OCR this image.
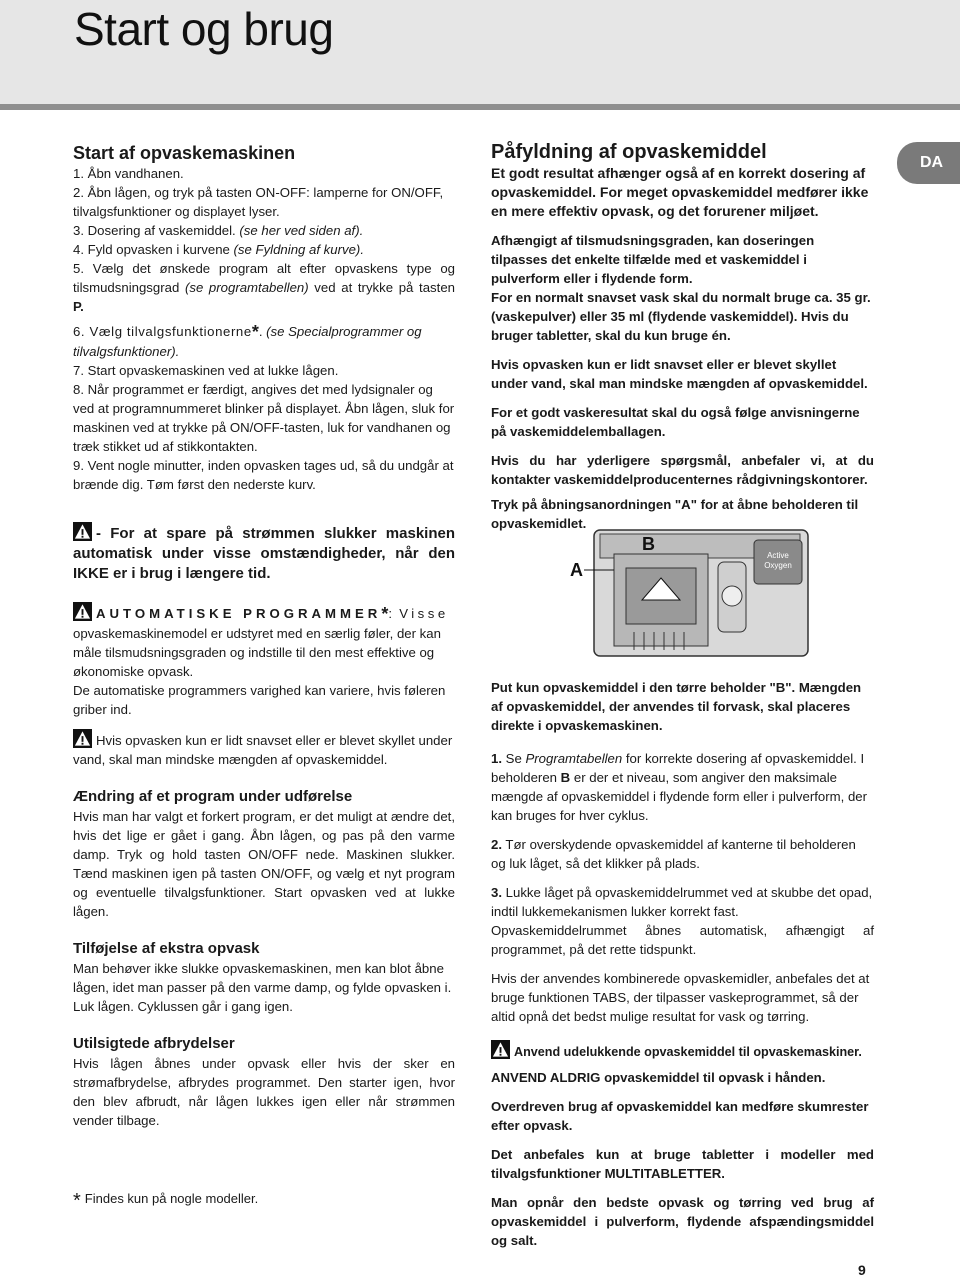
Start og brug
DA

Start af opvaskemaskinen

1. Åbn vandhanen.

2. Åbn lågen, og tryk på tasten ON-OFF: lamperne for ON/OFF, tilvalgsfunktioner og displayet lyser.

3. Dosering af vaskemiddel. (se her ved siden af).

4. Fyld opvasken i kurvene (se Fyldning af kurve).

5. Vælg det ønskede program alt efter opvaskens type og tilsmudsningsgrad (se programtabellen) ved at trykke på tasten P.

6. Vælg tilvalgsfunktionerne*. (se Specialprogrammer og tilvalgsfunktioner).

7. Start opvaskemaskinen ved at lukke lågen.

8. Når programmet er færdigt, angives det med lydsignaler og ved at programnummeret blinker på displayet. Åbn lågen, sluk for maskinen ved at trykke på ON/OFF-tasten, luk for vandhanen og træk stikket ud af stikkontakten.

9. Vent nogle minutter, inden opvasken tages ud, så du undgår at brænde dig. Tøm først den nederste kurv.

- For at spare på strømmen slukker maskinen automatisk under visse omstændigheder, når den IKKE er i brug i længere tid.

AUTOMATISKE PROGRAMMER*: Visse

opvaskemaskinemodel er udstyret med en særlig føler, der kan måle tilsmudsningsgraden og indstille til den mest effektive og økonomiske opvask.

De automatiske programmers varighed kan variere, hvis føleren griber ind.

Hvis opvasken kun er lidt snavset eller er blevet skyllet under vand, skal man mindske mængden af opvaskemiddel.

Ændring af et program under udførelse

Hvis man har valgt et forkert program, er det muligt at ændre det, hvis det lige er gået i gang. Åbn lågen, og pas på den varme damp. Tryk og hold tasten ON/OFF nede. Maskinen slukker. Tænd maskinen igen på tasten ON/OFF, og vælg et nyt program og eventuelle tilvalgsfunktioner. Start opvasken ved at lukke lågen.

Tilføjelse af ekstra opvask

Man behøver ikke slukke opvaskemaskinen, men kan blot åbne lågen, idet man passer på den varme damp, og fylde opvasken i. Luk lågen. Cyklussen går i gang igen.

Utilsigtede afbrydelser

Hvis lågen åbnes under opvask eller hvis der sker en strømafbrydelse, afbrydes programmet. Den starter igen, hvor den blev afbrudt, når lågen lukkes igen eller når strømmen vender tilbage.

* Findes kun på nogle modeller.

Påfyldning af opvaskemiddel

Et godt resultat afhænger også af en korrekt dosering af opvaskemiddel. For meget opvaskemiddel medfører ikke en mere effektiv opvask, og det forurener miljøet.

Afhængigt af tilsmudsningsgraden, kan doseringen tilpasses det enkelte tilfælde med et vaskemiddel i pulverform eller i flydende form.

For en normalt snavset vask skal du normalt bruge ca. 35 gr. (vaskepulver) eller 35 ml (flydende vaskemiddel). Hvis du bruger tabletter, skal du kun bruge én.

Hvis opvasken kun er lidt snavset eller er blevet skyllet under vand, skal man mindske mængden af opvaskemiddel.

For et godt vaskeresultat skal du også følge anvisningerne på vaskemiddelemballagen.

Hvis du har yderligere spørgsmål, anbefaler vi, at du kontakter vaskemiddelproducenternes rådgivningskontorer.

Tryk på åbningsanordningen "A" for at åbne beholderen til opvaskemidlet.

Active
Oxygen
A
B

Put kun opvaskemiddel i den tørre beholder "B". Mængden af opvaskemiddel, der anvendes til forvask, skal placeres direkte i opvaskemaskinen.

1. Se Programtabellen for korrekte dosering af opvaskemiddel. I beholderen B er der et niveau, som angiver den maksimale mængde af opvaskemiddel i flydende form eller i pulverform, der kan bruges for hver cyklus.

2. Tør overskydende opvaskemiddel af kanterne til beholderen og luk låget, så det klikker på plads.

3. Lukke låget på opvaskemiddelrummet ved at skubbe det opad, indtil lukkemekanismen lukker korrekt fast.

Opvaskemiddelrummet åbnes automatisk, afhængigt af programmet, på det rette tidspunkt.

Hvis der anvendes kombinerede opvaskemidler, anbefales det at bruge funktionen TABS, der tilpasser vaskeprogrammet, så der altid opnå det bedst mulige resultat for vask og tørring.

Anvend udelukkende opvaskemiddel til opvaskemaskiner.

ANVEND ALDRIG opvaskemiddel til opvask i hånden.

Overdreven brug af opvaskemiddel kan medføre skumrester efter opvask.

Det anbefales kun at bruge tabletter i modeller med tilvalgsfunktioner MULTITABLETTER.

Man opnår den bedste opvask og tørring ved brug af opvaskemiddel i pulverform, flydende afspændingsmiddel og salt.

9
